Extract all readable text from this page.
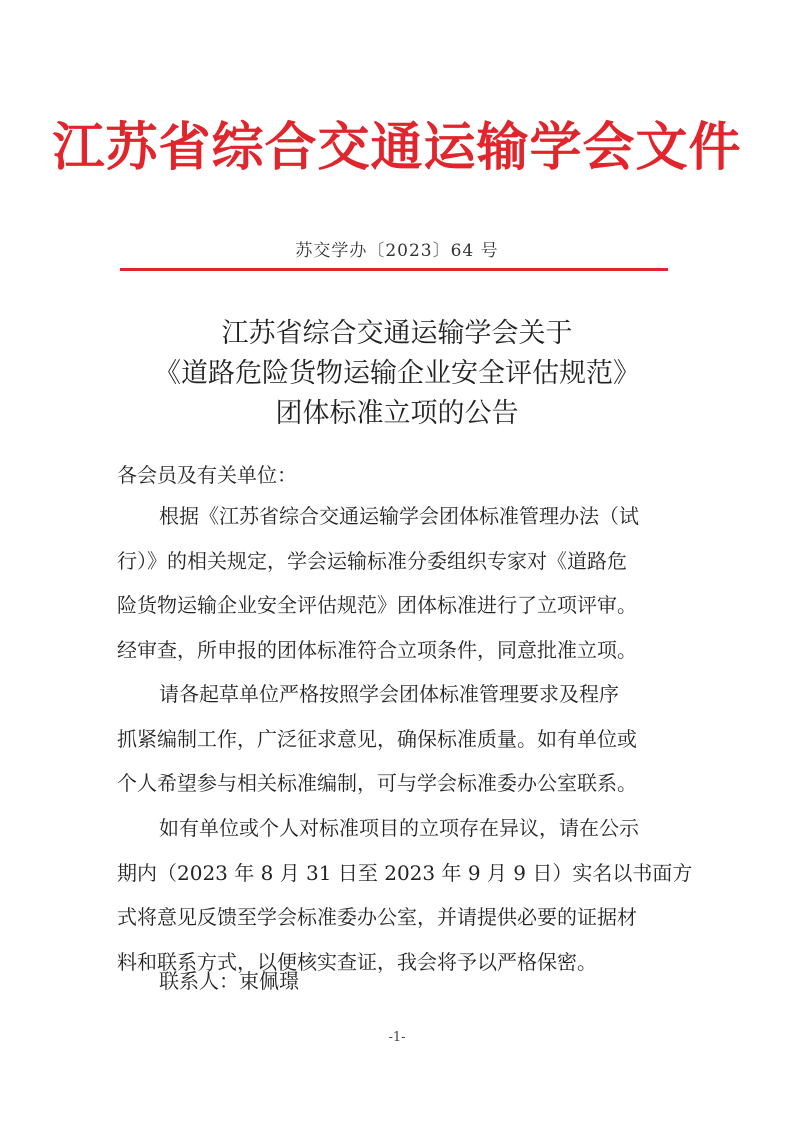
江苏省综合交通运输学会文件
苏交学办〔2023〕64 号
江苏省综合交通运输学会关于
《道路危险货物运输企业安全评估规范》
团体标准立项的公告
各会员及有关单位：
根据《江苏省综合交通运输学会团体标准管理办法（试
行）》的相关规定，学会运输标准分委组织专家对《道路危
险货物运输企业安全评估规范》团体标准进行了立项评审。
经审查，所申报的团体标准符合立项条件，同意批准立项。
请各起草单位严格按照学会团体标准管理要求及程序
抓紧编制工作，广泛征求意见，确保标准质量。如有单位或
个人希望参与相关标准编制，可与学会标准委办公室联系。
如有单位或个人对标准项目的立项存在异议，请在公示
期内（2023 年 8 月 31 日至 2023 年 9 月 9 日）实名以书面方
式将意见反馈至学会标准委办公室，并请提供必要的证据材
料和联系方式，以便核实查证，我会将予以严格保密。
联系人：束佩璟
-1-
